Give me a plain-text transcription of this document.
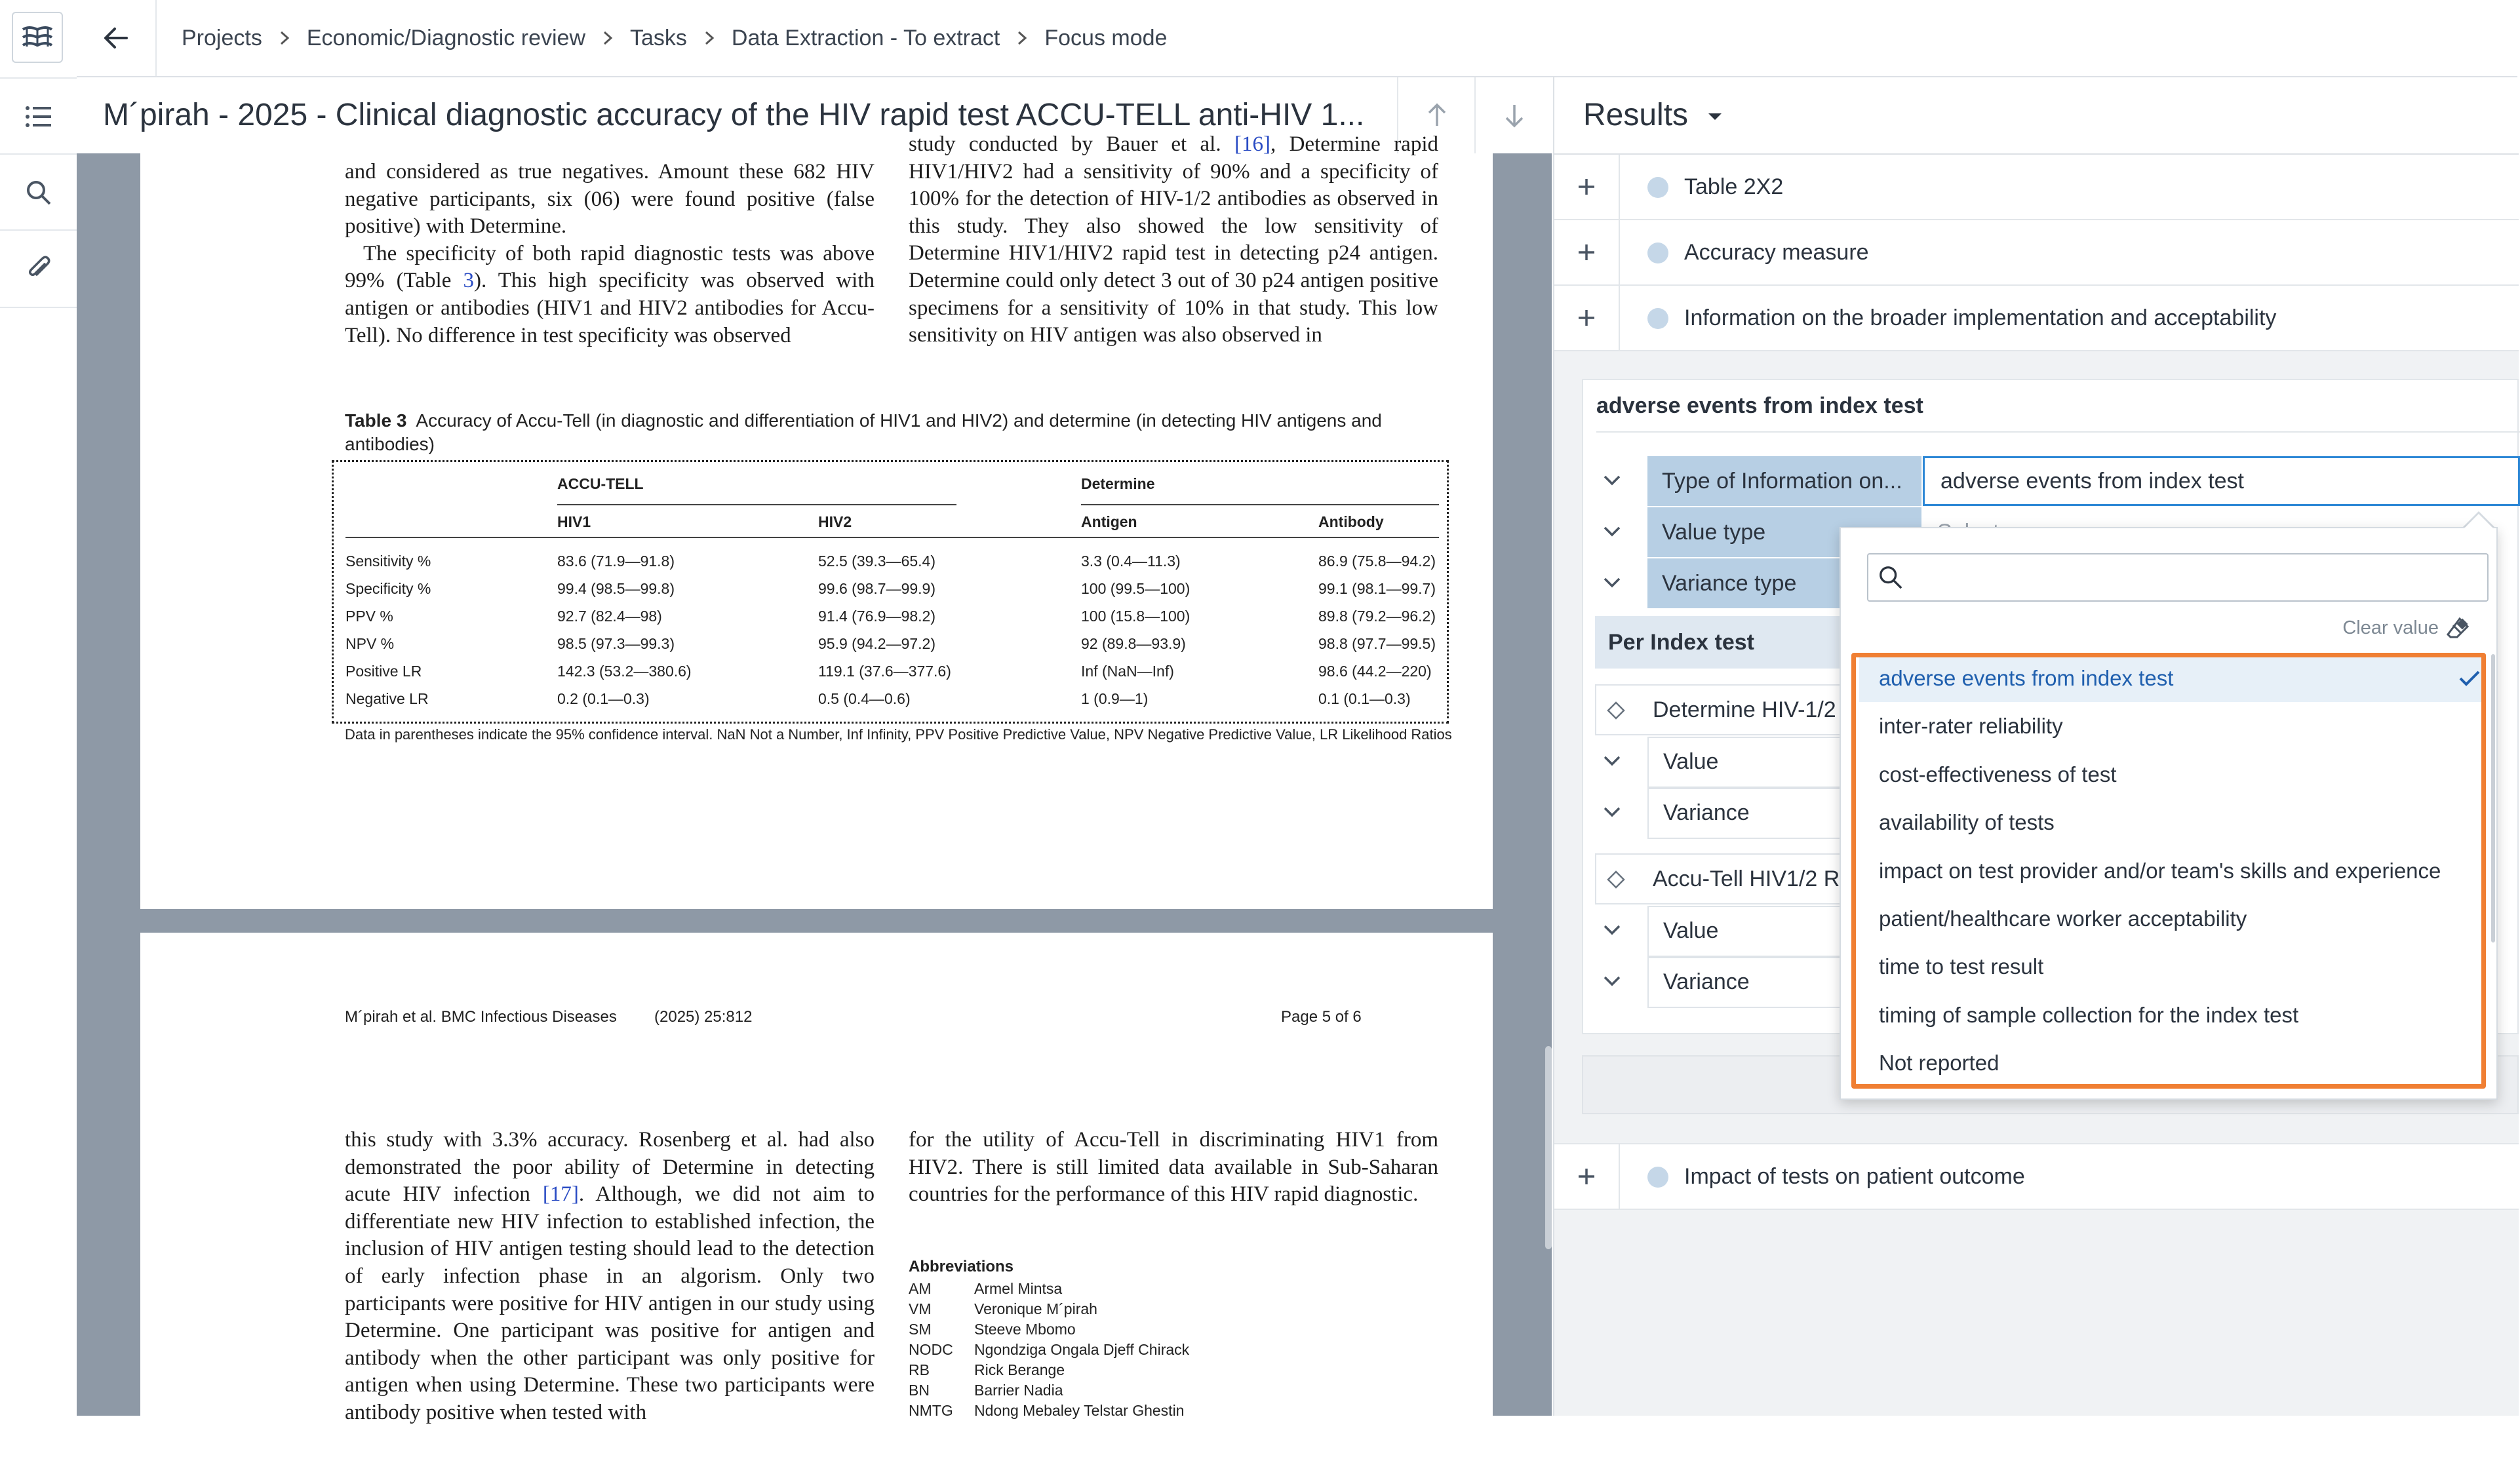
Projects Economic/Diagnostic review Tasks Data Extraction - To extract Focus mode
M´pirah - 2025 - Clinical diagnostic accuracy of the HIV rapid test ACCU-TELL anti-HIV 1...

and considered as true negatives. Amount these 682 HIV negative participants, six (06) were found positive (false positive) with Determine.

The specificity of both rapid diagnostic tests was above 99% (Table 3). This high specificity was observed with antigen or antibodies (HIV1 and HIV2 antibodies for Accu-Tell). No difference in test specificity was observed

study conducted by Bauer et al. [16], Determine rapid HIV1/HIV2 had a sensitivity of 90% and a specificity of 100% for the detection of HIV-1/2 antibodies as observed in this study. They also showed the low sensitivity of Determine HIV1/HIV2 rapid test in detecting p24 antigen. Determine could only detect 3 out of 30 p24 antigen positive specimens for a sensitivity of 10% in that study. This low sensitivity on HIV antigen was also observed in

Table 3 Accuracy of Accu-Tell (in diagnostic and differentiation of HIV1 and HIV2) and determine (in detecting HIV antigens and antibodies)
ACCU-TELL	Determine
HIV1	HIV2	Antigen	Antibody
Sensitivity %	83.6 (71.9—91.8)	52.5 (39.3—65.4)	3.3 (0.4—11.3)	86.9 (75.8—94.2)
Specificity %	99.4 (98.5—99.8)	99.6 (98.7—99.9)	100 (99.5—100)	99.1 (98.1—99.7)
PPV %	92.7 (82.4—98)	91.4 (76.9—98.2)	100 (15.8—100)	89.8 (79.2—96.2)
NPV %	98.5 (97.3—99.3)	95.9 (94.2—97.2)	92 (89.8—93.9)	98.8 (97.7—99.5)
Positive LR	142.3 (53.2—380.6)	119.1 (37.6—377.6)	Inf (NaN—Inf)	98.6 (44.2—220)
Negative LR	0.2 (0.1—0.3)	0.5 (0.4—0.6)	1 (0.9—1)	0.1 (0.1—0.3)
Data in parentheses indicate the 95% confidence interval. NaN Not a Number, Inf Infinity, PPV Positive Predictive Value, NPV Negative Predictive Value, LR Likelihood Ratios
M´pirah et al. BMC Infectious Diseases (2025) 25:812	Page 5 of 6

this study with 3.3% accuracy. Rosenberg et al. had also demonstrated the poor ability of Determine in detecting acute HIV infection [17]. Although, we did not aim to differentiate new HIV infection to established infection, the inclusion of HIV antigen testing should lead to the detection of early infection phase in an algorism. Only two participants were positive for HIV antigen in our study using Determine. One participant was positive for antigen and antibody when the other participant was only positive for antigen when using Determine. These two participants were antibody positive when tested with

for the utility of Accu-Tell in discriminating HIV1 from HIV2. There is still limited data available in Sub-Saharan countries for the performance of this HIV rapid diagnostic.

Abbreviations
AM	Armel Mintsa
VM	Veronique M´pirah
SM	Steeve Mbomo
NODC Ngondziga Ongala Djeff Chirack
RB	Rick Berange
BN	Barrier Nadia
NMTG Ndong Mebaley Telstar Ghestin
Results
Table 2X2
Accuracy measure
Information on the broader implementation and acceptability
adverse events from index test
Type of Information on...	adverse events from index test
Value type
Variance type
Per Index test
Determine HIV-1/2
Value
Variance
Accu-Tell HIV1/2 R
Value
Variance
Impact of tests on patient outcome
Clear value
adverse events from index test
inter-rater reliability
cost-effectiveness of test
availability of tests
impact on test provider and/or team's skills and experience
patient/healthcare worker acceptability
time to test result
timing of sample collection for the index test
Not reported
